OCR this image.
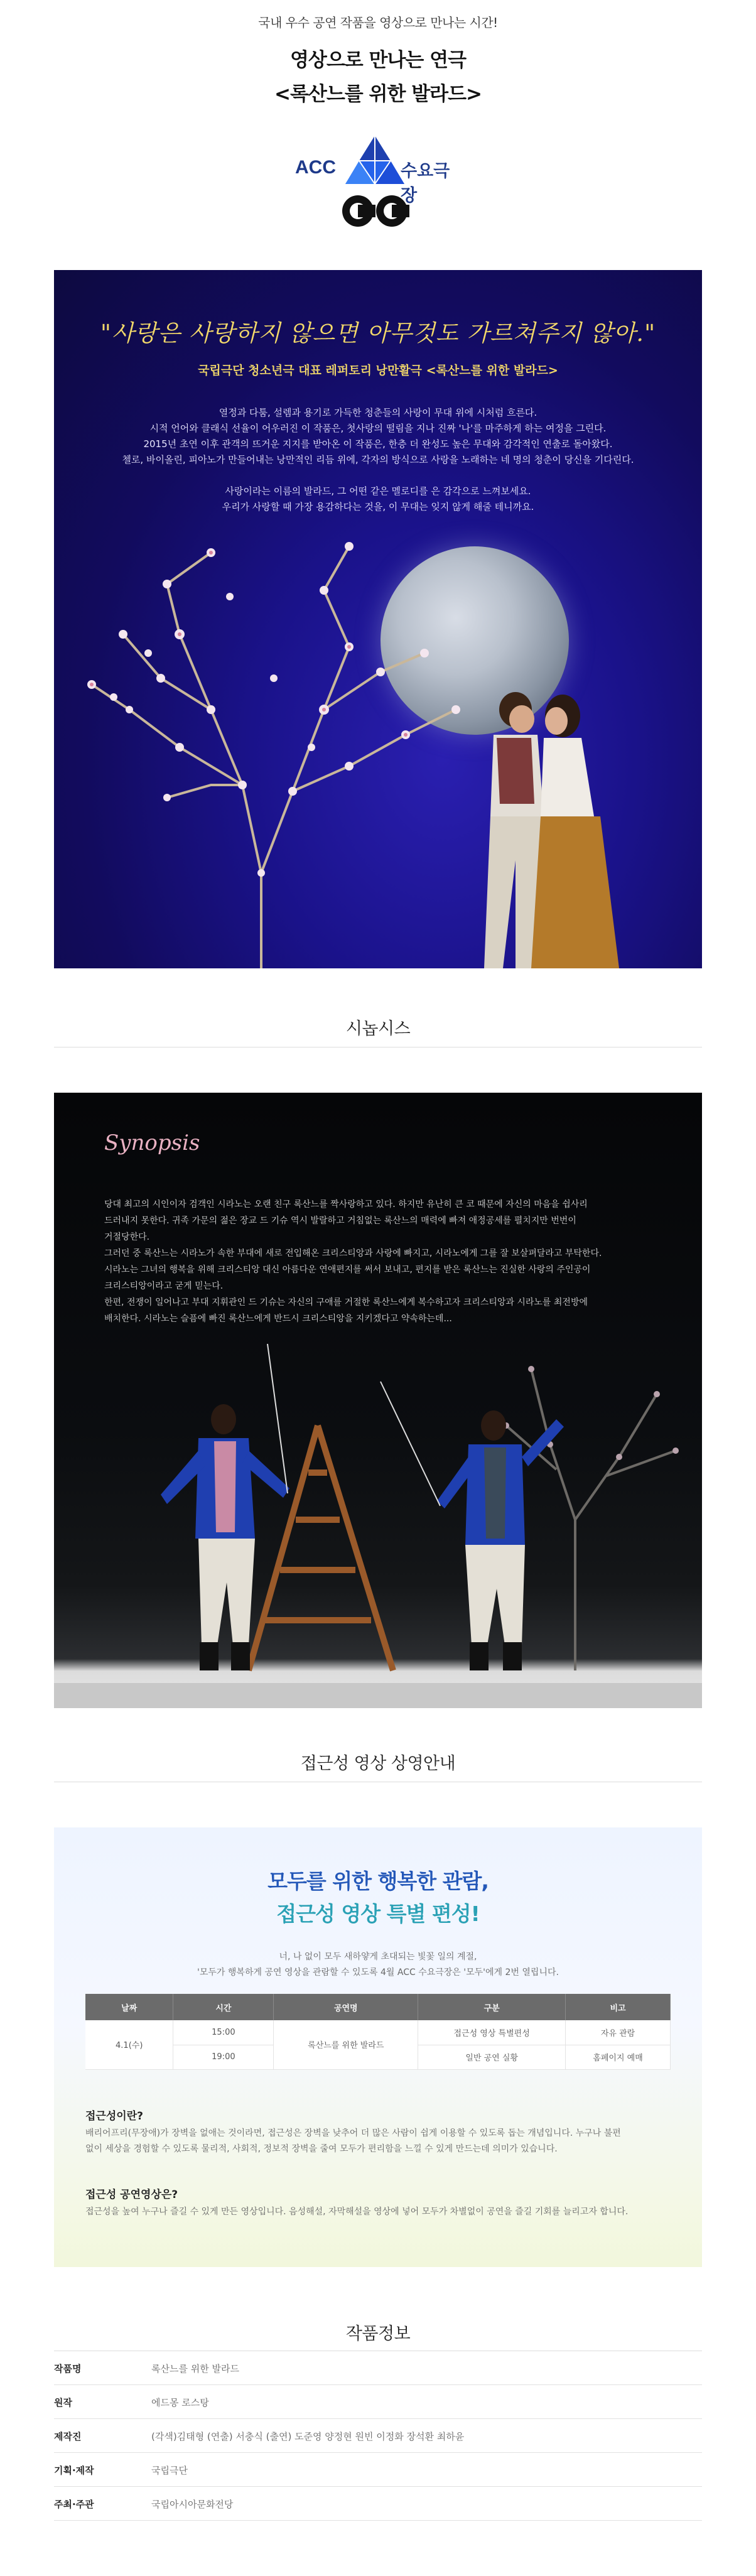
국내 우수 공연 작품을 영상으로 만나는 시간!
영상으로 만나는 연극
<록산느를 위한 발라드>
ACC	수요극장
"사랑은 사랑하지 않으면 아무것도 가르쳐주지 않아."
국립극단 청소년극 대표 레퍼토리 낭만활극 <록산느를 위한 발라드>
열정과 다툼, 설렘과 용기로 가득한 청춘들의 사랑이 무대 위에 시처럼 흐른다.
시적 언어와 클래식 선율이 어우러진 이 작품은, 첫사랑의 떨림을 지나 진짜 '나'를 마주하게 하는 여정을 그린다.
2015년 초연 이후 관객의 뜨거운 지지를 받아온 이 작품은, 한층 더 완성도 높은 무대와 감각적인 연출로 돌아왔다.
첼로, 바이올린, 피아노가 만들어내는 낭만적인 리듬 위에, 각자의 방식으로 사랑을 노래하는 네 명의 청춘이 당신을 기다린다.
사랑이라는 이름의 발라드, 그 어떤 같은 멜로디를 은 감각으로 느껴보세요.
우리가 사랑할 때 가장 용감하다는 것을, 이 무대는 잊지 않게 해줄 테니까요.
시놉시스
Synopsis
당대 최고의 시인이자 검객인 시라노는 오랜 친구 록산느를 짝사랑하고 있다. 하지만 유난히 큰 코 때문에 자신의 마음을 쉽사리
드러내지 못한다. 귀족 가문의 젊은 장교 드 기슈 역시 발랄하고 거침없는 록산느의 매력에 빠져 애정공세를 펼치지만 번번이
거절당한다.
그러던 중 록산느는 시라노가 속한 부대에 새로 전입해온 크리스티앙과 사랑에 빠지고, 시라노에게 그를 잘 보살펴달라고 부탁한다.
시라노는 그녀의 행복을 위해 크리스티앙 대신 아름다운 연애편지를 써서 보내고, 편지를 받은 록산느는 진실한 사랑의 주인공이
크리스티앙이라고 굳게 믿는다.
한편, 전쟁이 일어나고 부대 지휘관인 드 기슈는 자신의 구애를 거절한 록산느에게 복수하고자 크리스티앙과 시라노를 최전방에
배치한다. 시라노는 슬픔에 빠진 록산느에게 반드시 크리스티앙을 지키겠다고 약속하는데...
접근성 영상 상영안내
모두를 위한 행복한 관람,
접근성 영상 특별 편성!
너, 나 없이 모두 새하얗게 초대되는 빛꽃 일의 계절,
'모두가 행복하게 공연 영상을 관람할 수 있도록 4월 ACC 수요극장은 '모두'에게 2번 열립니다.
날짜	시간	공연명	구분	비고
4.1(수)	15:00	록산느를 위한 발라드	접근성 영상 특별편성	자유 관람
	19:00		일반 공연 실황	홈페이지 예매
접근성이란?
배리어프리(무장애)가 장벽을 없애는 것이라면, 접근성은 장벽을 낮추어 더 많은 사람이 쉽게 이용할 수 있도록 돕는 개념입니다. 누구나 불편
없이 세상을 경험할 수 있도록 물리적, 사회적, 정보적 장벽을 줄여 모두가 편리함을 느낄 수 있게 만드는데 의미가 있습니다.
접근성 공연영상은?
접근성을 높여 누구나 즐길 수 있게 만든 영상입니다. 음성해설, 자막해설을 영상에 넣어 모두가 차별없이 공연을 즐길 기회를 늘리고자 합니다.
작품정보
작품명	록산느를 위한 발라드
원작	에드몽 로스탕
제작진	(각색)김태형 (연출) 서충식 (출연) 도준영 양정현 원빈 이정화 장석환 최하윤
기획·제작	국립극단
주최·주관	국립아시아문화전당
